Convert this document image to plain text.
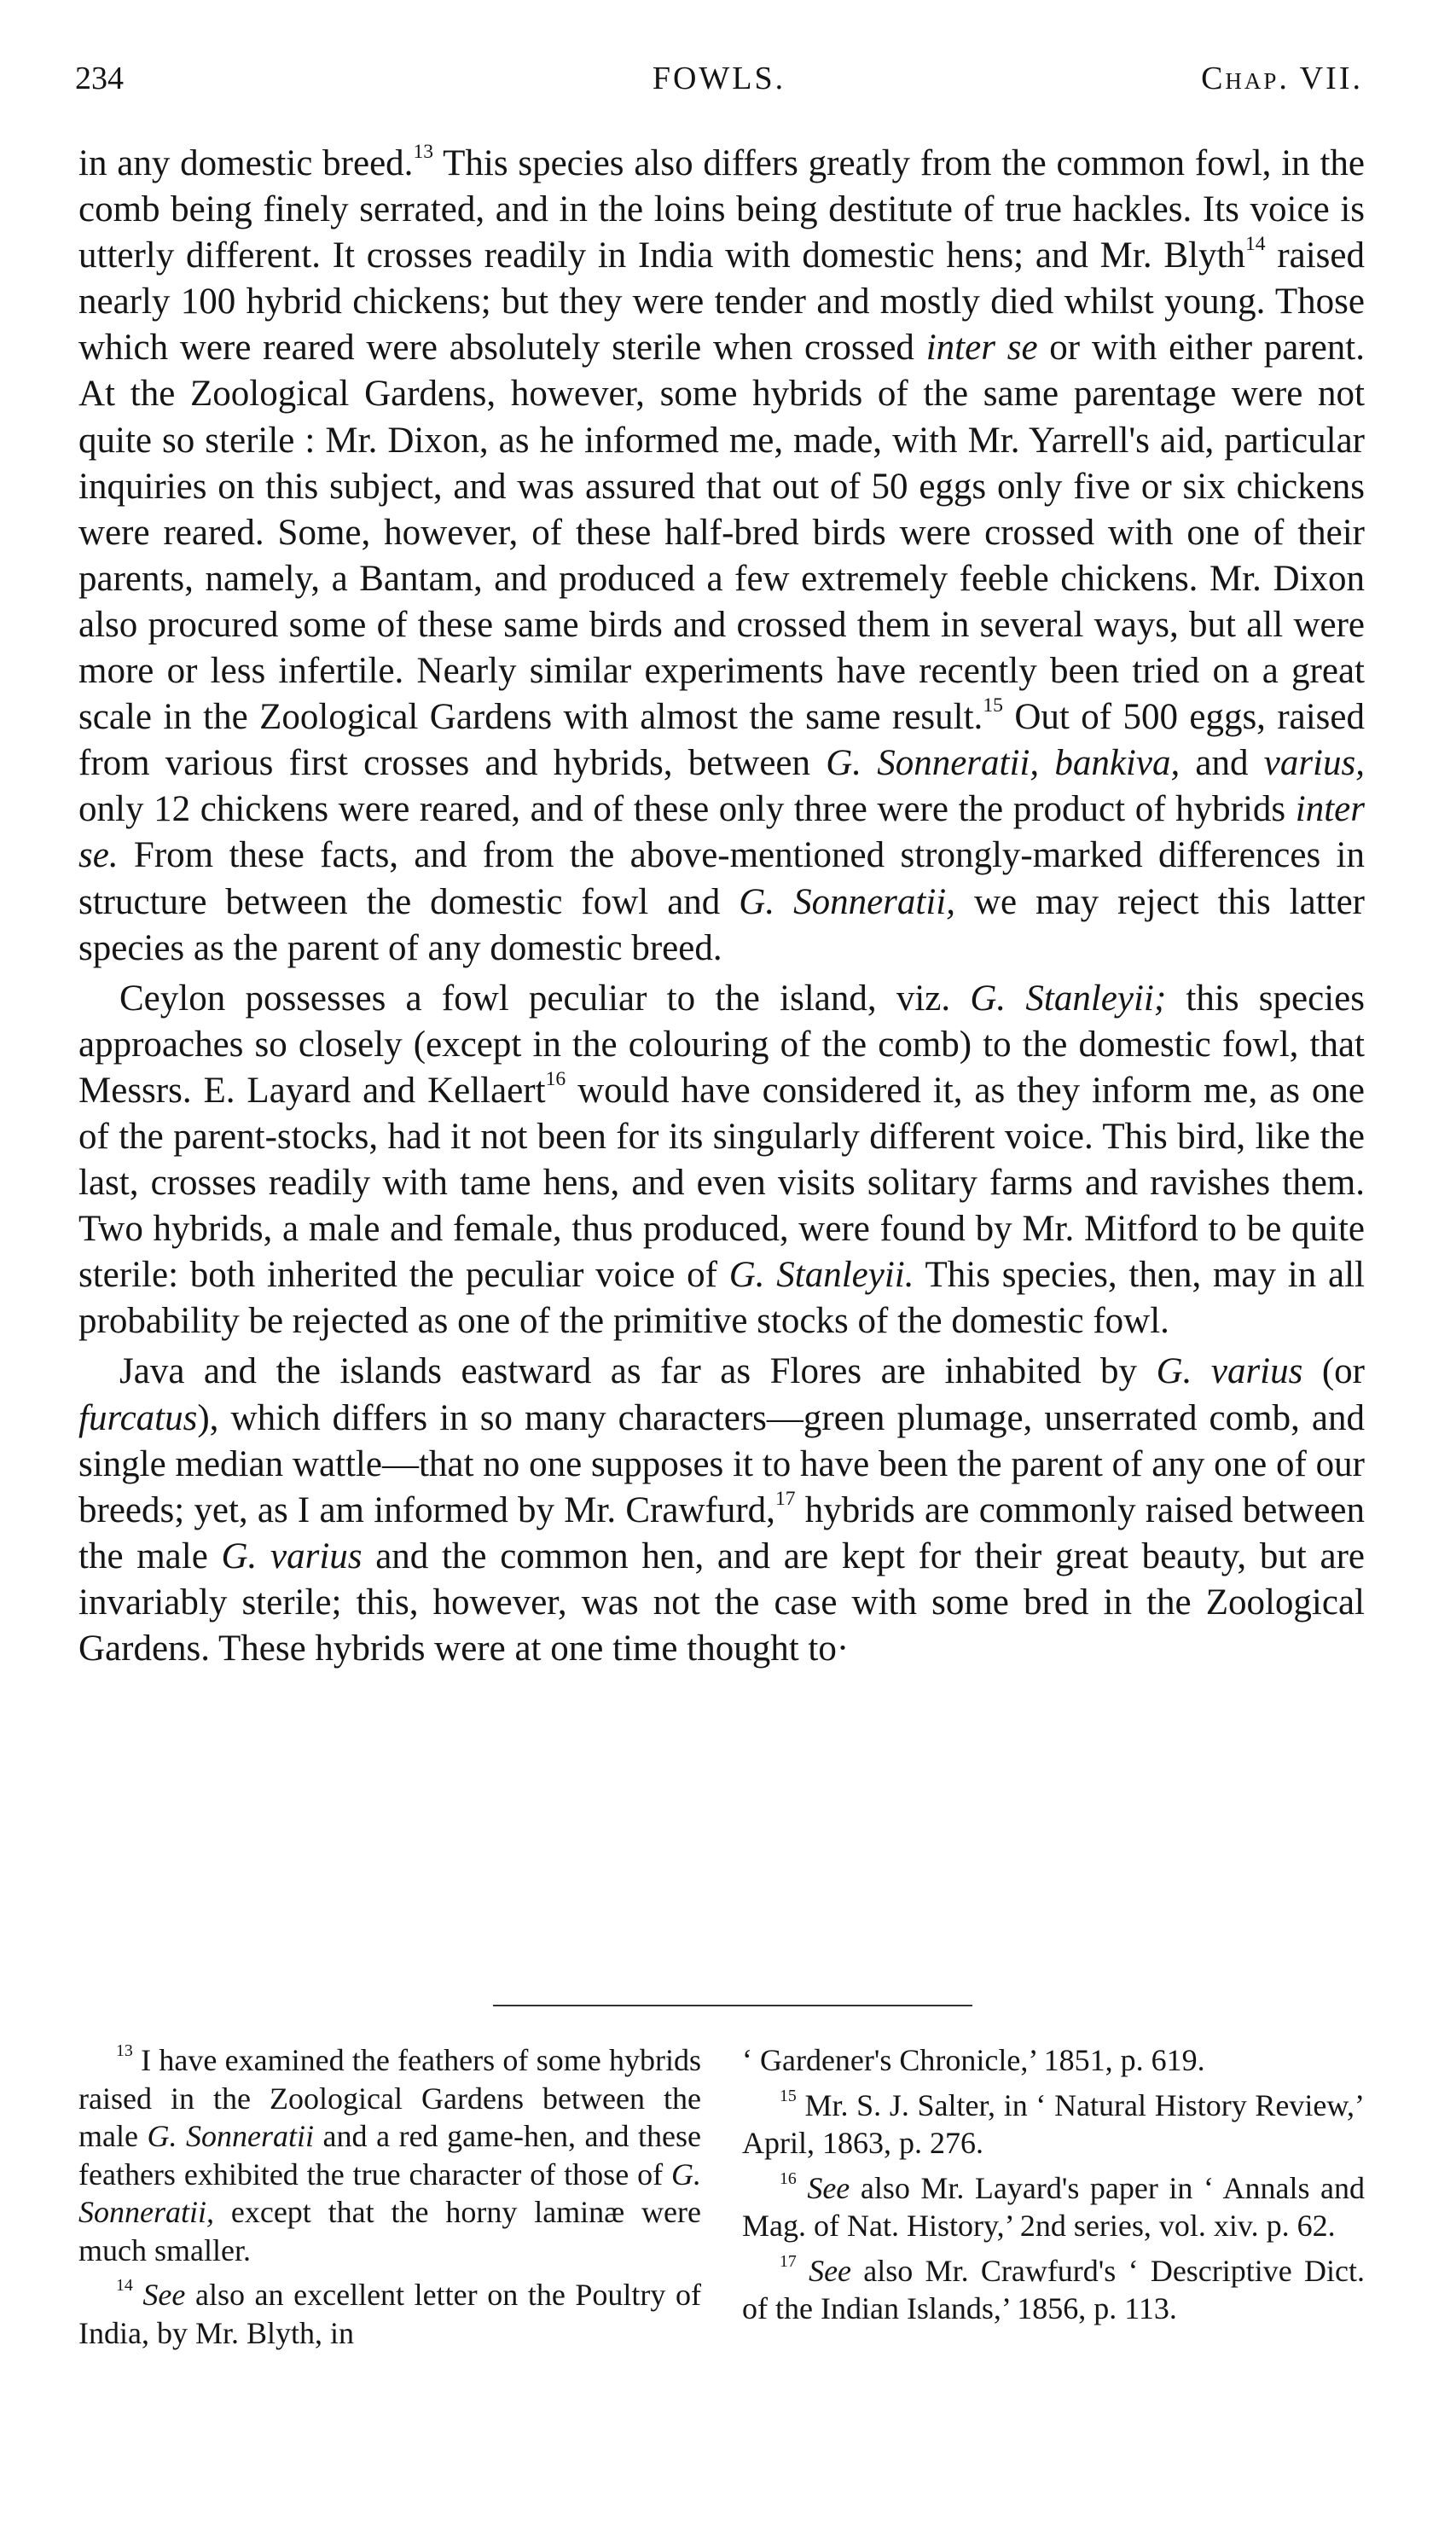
234	FOWLS.	Chap. VII.

in any domestic breed.$^{13}$ This species also differs greatly from the common fowl, in the comb being finely serrated, and in the loins being destitute of true hackles. Its voice is utterly different. It crosses readily in India with domestic hens; and Mr. Blyth$^{14}$ raised nearly 100 hybrid chickens; but they were tender and mostly died whilst young. Those which were reared were absolutely sterile when crossed inter se or with either parent. At the Zoological Gardens, however, some hybrids of the same parentage were not quite so sterile : Mr. Dixon, as he informed me, made, with Mr. Yarrell's aid, particular inquiries on this subject, and was assured that out of 50 eggs only five or six chickens were reared. Some, however, of these half-bred birds were crossed with one of their parents, namely, a Bantam, and produced a few extremely feeble chickens. Mr. Dixon also procured some of these same birds and crossed them in several ways, but all were more or less infertile. Nearly similar experiments have recently been tried on a great scale in the Zoological Gardens with almost the same result.$^{15}$ Out of 500 eggs, raised from various first crosses and hybrids, between G. Sonneratii, bankiva, and varius, only 12 chickens were reared, and of these only three were the product of hybrids inter se. From these facts, and from the above-mentioned strongly-marked differences in structure between the domestic fowl and G. Sonneratii, we may reject this latter species as the parent of any domestic breed.

Ceylon possesses a fowl peculiar to the island, viz. G. Stanleyii; this species approaches so closely (except in the colouring of the comb) to the domestic fowl, that Messrs. E. Layard and Kellaert$^{16}$ would have considered it, as they inform me, as one of the parent-stocks, had it not been for its singularly different voice. This bird, like the last, crosses readily with tame hens, and even visits solitary farms and ravishes them. Two hybrids, a male and female, thus produced, were found by Mr. Mitford to be quite sterile: both inherited the peculiar voice of G. Stanleyii. This species, then, may in all probability be rejected as one of the primitive stocks of the domestic fowl.

Java and the islands eastward as far as Flores are inhabited by G. varius (or furcatus), which differs in so many characters—green plumage, unserrated comb, and single median wattle—that no one supposes it to have been the parent of any one of our breeds; yet, as I am informed by Mr. Crawfurd,$^{17}$ hybrids are commonly raised between the male G. varius and the common hen, and are kept for their great beauty, but are invariably sterile; this, however, was not the case with some bred in the Zoological Gardens. These hybrids were at one time thought to·

$^{13}$ I have examined the feathers of some hybrids raised in the Zoological Gardens between the male G. Sonneratii and a red game-hen, and these feathers exhibited the true character of those of G. Sonneratii, except that the horny laminæ were much smaller.

$^{14}$ See also an excellent letter on the Poultry of India, by Mr. Blyth, in

‘ Gardener's Chronicle,’ 1851, p. 619.

$^{15}$ Mr. S. J. Salter, in ‘ Natural History Review,’ April, 1863, p. 276.

$^{16}$ See also Mr. Layard's paper in ‘ Annals and Mag. of Nat. History,’ 2nd series, vol. xiv. p. 62.

$^{17}$ See also Mr. Crawfurd's ‘ Descriptive Dict. of the Indian Islands,’ 1856, p. 113.
